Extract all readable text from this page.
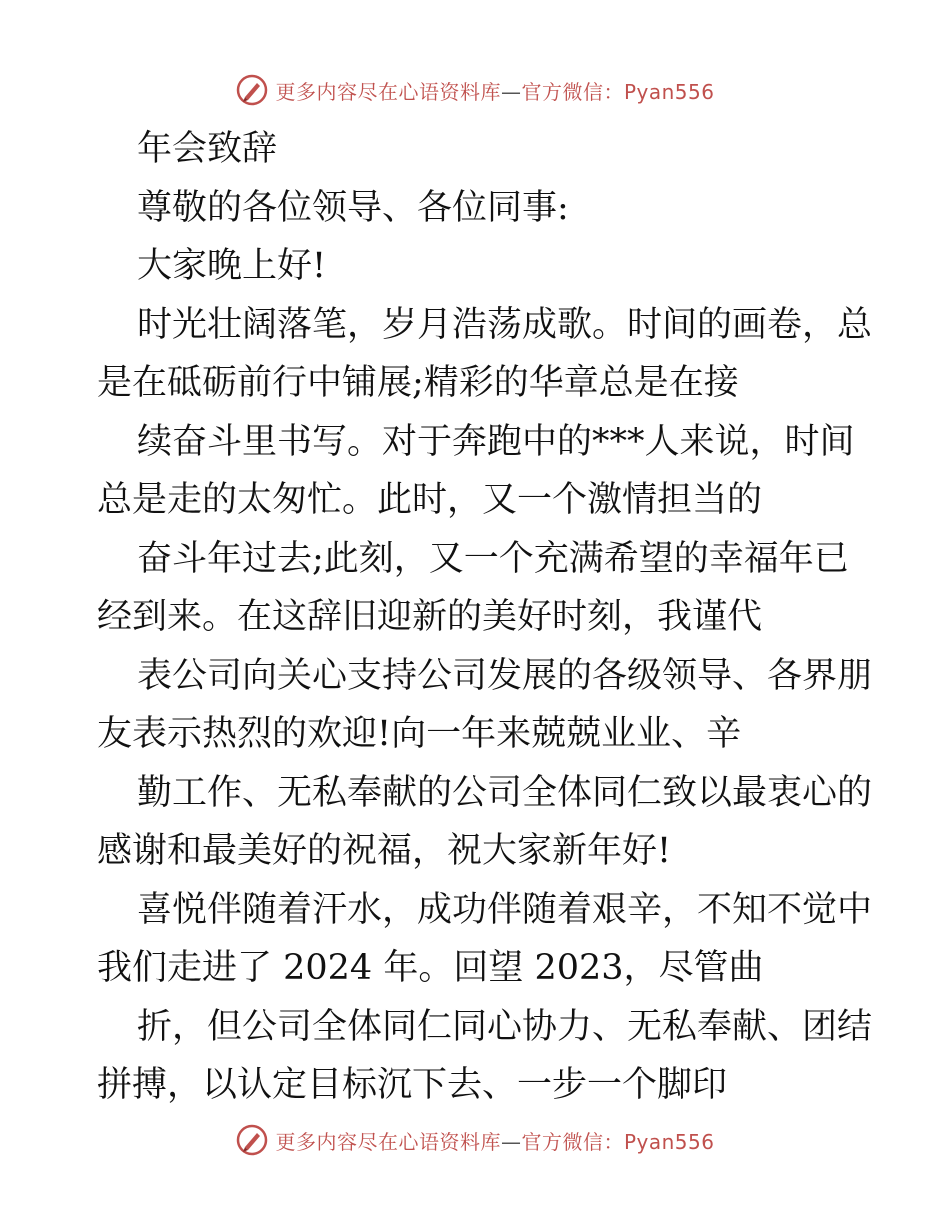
更多内容尽在心语资料库—官方微信：Pyan556
年会致辞
尊敬的各位领导、各位同事:
大家晚上好!
时光壮阔落笔，岁月浩荡成歌。时间的画卷，总
是在砥砺前行中铺展;精彩的华章总是在接
续奋斗里书写。对于奔跑中的***人来说，时间
总是走的太匆忙。此时，又一个激情担当的
奋斗年过去;此刻，又一个充满希望的幸福年已
经到来。在这辞旧迎新的美好时刻，我谨代
表公司向关心支持公司发展的各级领导、各界朋
友表示热烈的欢迎!向一年来兢兢业业、辛
勤工作、无私奉献的公司全体同仁致以最衷心的
感谢和最美好的祝福，祝大家新年好!
喜悦伴随着汗水，成功伴随着艰辛，不知不觉中
我们走进了 2024 年。回望 2023，尽管曲
折，但公司全体同仁同心协力、无私奉献、团结
拼搏，以认定目标沉下去、一步一个脚印
更多内容尽在心语资料库—官方微信：Pyan556
